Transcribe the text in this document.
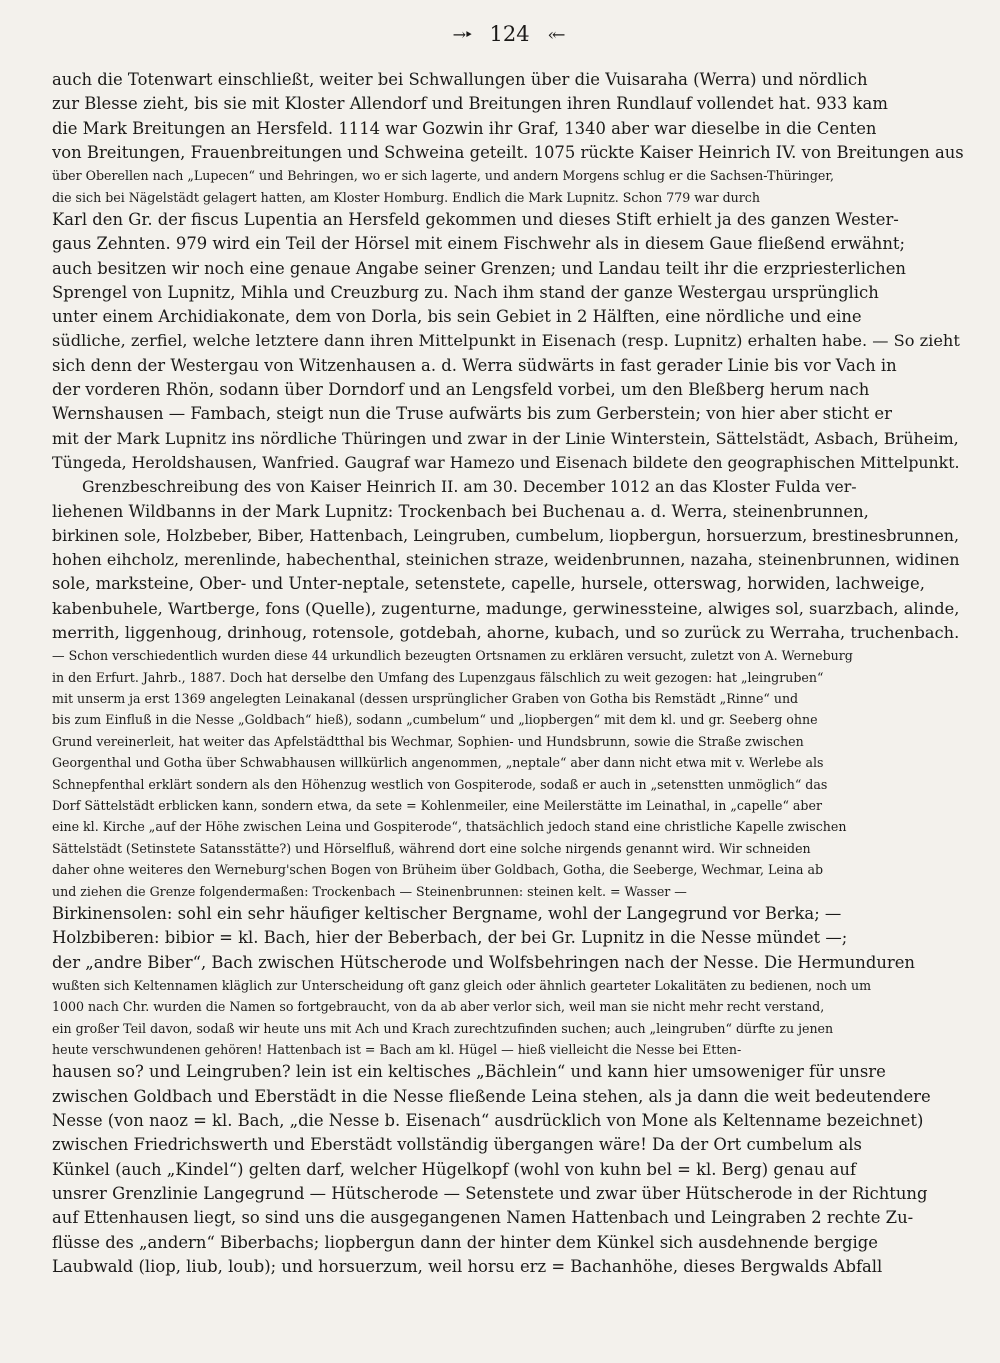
→‣ 124 ‹←
auch die Totenwart einschließt, weiter bei Schwallungen über die Vuisaraha (Werra) und nördlich
zur Blesse zieht, bis sie mit Kloster Allendorf und Breitungen ihren Rundlauf vollendet hat. 933 kam
die Mark Breitungen an Hersfeld. 1114 war Gozwin ihr Graf, 1340 aber war dieselbe in die Centen
von Breitungen, Frauenbreitungen und Schweina geteilt. 1075 rückte Kaiser Heinrich IV. von Breitungen aus
über Oberellen nach „Lupecen“ und Behringen, wo er sich lagerte, und andern Morgens schlug er die Sachsen-Thüringer,
die sich bei Nägelstädt gelagert hatten, am Kloster Homburg. Endlich die Mark Lupnitz. Schon 779 war durch
Karl den Gr. der fiscus Lupentia an Hersfeld gekommen und dieses Stift erhielt ja des ganzen Wester-
gaus Zehnten. 979 wird ein Teil der Hörsel mit einem Fischwehr als in diesem Gaue fließend erwähnt;
auch besitzen wir noch eine genaue Angabe seiner Grenzen; und Landau teilt ihr die erzpriesterlichen
Sprengel von Lupnitz, Mihla und Creuzburg zu. Nach ihm stand der ganze Westergau ursprünglich
unter einem Archidiakonate, dem von Dorla, bis sein Gebiet in 2 Hälften, eine nördliche und eine
südliche, zerfiel, welche letztere dann ihren Mittelpunkt in Eisenach (resp. Lupnitz) erhalten habe. — So zieht
sich denn der Westergau von Witzenhausen a. d. Werra südwärts in fast gerader Linie bis vor Vach in
der vorderen Rhön, sodann über Dorndorf und an Lengsfeld vorbei, um den Bleßberg herum nach
Wernshausen — Fambach, steigt nun die Truse aufwärts bis zum Gerberstein; von hier aber sticht er
mit der Mark Lupnitz ins nördliche Thüringen und zwar in der Linie Winterstein, Sättelstädt, Asbach, Brüheim,
Tüngeda, Heroldshausen, Wanfried. Gaugraf war Hamezo und Eisenach bildete den geographischen Mittelpunkt.
Grenzbeschreibung des von Kaiser Heinrich II. am 30. December 1012 an das Kloster Fulda ver-
liehenen Wildbanns in der Mark Lupnitz: Trockenbach bei Buchenau a. d. Werra, steinenbrunnen,
birkinen sole, Holzbeber, Biber, Hattenbach, Leingruben, cumbelum, liopbergun, horsuerzum, brestinesbrunnen,
hohen eihcholz, merenlinde, habechenthal, steinichen straze, weidenbrunnen, nazaha, steinenbrunnen, widinen
sole, marksteine, Ober- und Unter-neptale, setenstete, capelle, hursele, otterswag, horwiden, lachweige,
kabenbuhele, Wartberge, fons (Quelle), zugenturne, madunge, gerwinessteine, alwiges sol, suarzbach, alinde,
merrith, liggenhoug, drinhoug, rotensole, gotdebah, ahorne, kubach, und so zurück zu Werraha, truchenbach.
— Schon verschiedentlich wurden diese 44 urkundlich bezeugten Ortsnamen zu erklären versucht, zuletzt von A. Werneburg
in den Erfurt. Jahrb., 1887. Doch hat derselbe den Umfang des Lupenzgaus fälschlich zu weit gezogen: hat „leingruben“
mit unserm ja erst 1369 angelegten Leinakanal (dessen ursprünglicher Graben von Gotha bis Remstädt „Rinne“ und
bis zum Einfluß in die Nesse „Goldbach“ hieß), sodann „cumbelum“ und „liopbergen“ mit dem kl. und gr. Seeberg ohne
Grund vereinerleit, hat weiter das Apfelstädtthal bis Wechmar, Sophien- und Hundsbrunn, sowie die Straße zwischen
Georgenthal und Gotha über Schwabhausen willkürlich angenommen, „neptale“ aber dann nicht etwa mit v. Werlebe als
Schnepfenthal erklärt sondern als den Höhenzug westlich von Gospiterode, sodaß er auch in „setenstten unmöglich“ das
Dorf Sättelstädt erblicken kann, sondern etwa, da sete = Kohlenmeiler, eine Meilerstätte im Leinathal, in „capelle“ aber
eine kl. Kirche „auf der Höhe zwischen Leina und Gospiterode“, thatsächlich jedoch stand eine christliche Kapelle zwischen
Sättelstädt (Setinstete Satansstätte?) und Hörselfluß, während dort eine solche nirgends genannt wird. Wir schneiden
daher ohne weiteres den Werneburg'schen Bogen von Brüheim über Goldbach, Gotha, die Seeberge, Wechmar, Leina ab
und ziehen die Grenze folgendermaßen: Trockenbach — Steinenbrunnen: steinen kelt. = Wasser —
Birkinensolen: sohl ein sehr häufiger keltischer Bergname, wohl der Langegrund vor Berka; —
Holzbiberen: bibior = kl. Bach, hier der Beberbach, der bei Gr. Lupnitz in die Nesse mündet —;
der „andre Biber“, Bach zwischen Hütscherode und Wolfsbehringen nach der Nesse. Die Hermunduren
wußten sich Keltennamen kläglich zur Unterscheidung oft ganz gleich oder ähnlich gearteter Lokalitäten zu bedienen, noch um
1000 nach Chr. wurden die Namen so fortgebraucht, von da ab aber verlor sich, weil man sie nicht mehr recht verstand,
ein großer Teil davon, sodaß wir heute uns mit Ach und Krach zurechtzufinden suchen; auch „leingruben“ dürfte zu jenen
heute verschwundenen gehören! Hattenbach ist = Bach am kl. Hügel — hieß vielleicht die Nesse bei Etten-
hausen so? und Leingruben? lein ist ein keltisches „Bächlein“ und kann hier umsoweniger für unsre
zwischen Goldbach und Eberstädt in die Nesse fließende Leina stehen, als ja dann die weit bedeutendere
Nesse (von naoz = kl. Bach, „die Nesse b. Eisenach“ ausdrücklich von Mone als Keltenname bezeichnet)
zwischen Friedrichswerth und Eberstädt vollständig übergangen wäre! Da der Ort cumbelum als
Künkel (auch „Kindel“) gelten darf, welcher Hügelkopf (wohl von kuhn bel = kl. Berg) genau auf
unsrer Grenzlinie Langegrund — Hütscherode — Setenstete und zwar über Hütscherode in der Richtung
auf Ettenhausen liegt, so sind uns die ausgegangenen Namen Hattenbach und Leingraben 2 rechte Zu-
flüsse des „andern“ Biberbachs; liopbergun dann der hinter dem Künkel sich ausdehnende bergige
Laubwald (liop, liub, loub); und horsuerzum, weil horsu erz = Bachanhöhe, dieses Bergwalds Abfall
